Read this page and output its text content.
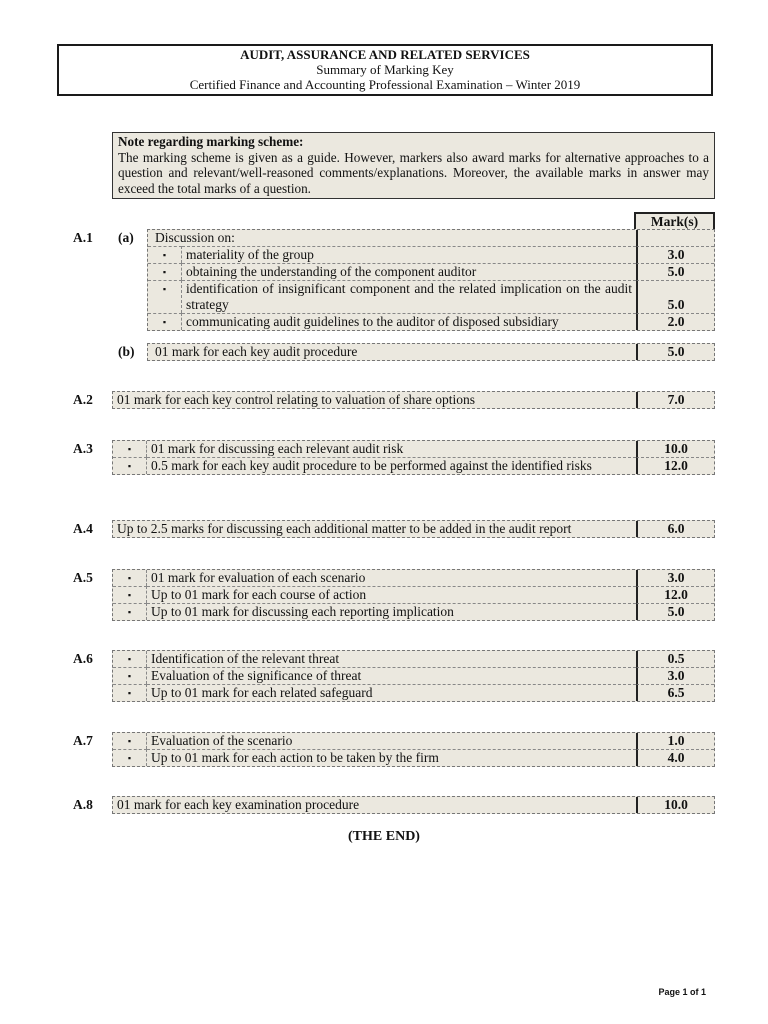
AUDIT, ASSURANCE AND RELATED SERVICES
Summary of Marking Key
Certified Finance and Accounting Professional Examination – Winter 2019
Note regarding marking scheme:
The marking scheme is given as a guide. However, markers also award marks for alternative approaches to a question and relevant/well-reasoned comments/explanations. Moreover, the available marks in answer may exceed the total marks of a question.
Mark(s)
A.1 (a)	Discussion on:
▪	materiality of the group	3.0
▪	obtaining the understanding of the component auditor	5.0
▪	identification of insignificant component and the related implication on the audit strategy	5.0
▪	communicating audit guidelines to the auditor of disposed subsidiary	2.0
(b)	01 mark for each key audit procedure	5.0
A.2 01 mark for each key control relating to valuation of share options	7.0
A.3	▪	01 mark for discussing each relevant audit risk	10.0
▪	0.5 mark for each key audit procedure to be performed against the identified risks	12.0
A.4 Up to 2.5 marks for discussing each additional matter to be added in the audit report	6.0
A.5	▪	01 mark for evaluation of each scenario	3.0
▪	Up to 01 mark for each course of action	12.0
▪	Up to 01 mark for discussing each reporting implication	5.0
A.6	▪	Identification of the relevant threat	0.5
▪	Evaluation of the significance of threat	3.0
▪	Up to 01 mark for each related safeguard	6.5
A.7	▪	Evaluation of the scenario	1.0
▪	Up to 01 mark for each action to be taken by the firm	4.0
A.8 01 mark for each key examination procedure	10.0
(THE END)
Page 1 of 1
